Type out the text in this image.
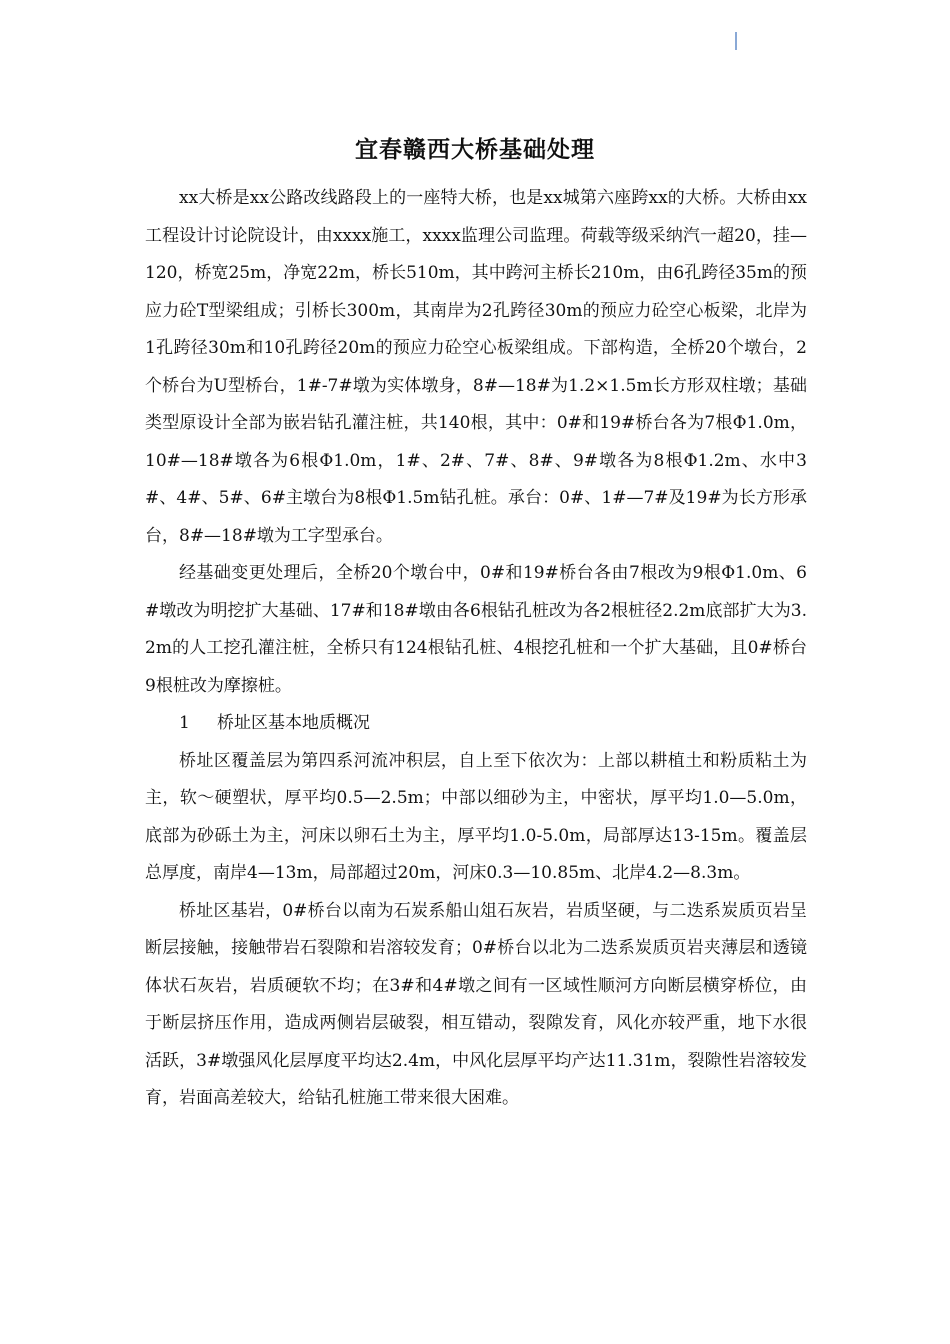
宜春赣西大桥基础处理

xx大桥是xx公路改线路段上的一座特大桥，也是xx城第六座跨xx的大桥。大桥由xx工程设计讨论院设计，由xxxx施工，xxxx监理公司监理。荷载等级采纳汽一超20，挂—120，桥宽25m，净宽22m，桥长510m，其中跨河主桥长210m，由6孔跨径35m的预应力砼T型梁组成；引桥长300m，其南岸为2孔跨径30m的预应力砼空心板梁，北岸为1孔跨径30m和10孔跨径20m的预应力砼空心板梁组成。下部构造，全桥20个墩台，2个桥台为U型桥台，1#-7#墩为实体墩身，8#—18#为1.2×1.5m长方形双柱墩；基础类型原设计全部为嵌岩钻孔灌注桩，共140根，其中：0#和19#桥台各为7根Φ1.0m，10#—18#墩各为6根Φ1.0m，1#、2#、7#、8#、9#墩各为8根Φ1.2m、水中3#、4#、5#、6#主墩台为8根Φ1.5m钻孔桩。承台：0#、1#—7#及19#为长方形承台，8#—18#墩为工字型承台。

经基础变更处理后，全桥20个墩台中，0#和19#桥台各由7根改为9根Φ1.0m、6#墩改为明挖扩大基础、17#和18#墩由各6根钻孔桩改为各2根桩径2.2m底部扩大为3.2m的人工挖孔灌注桩，全桥只有124根钻孔桩、4根挖孔桩和一个扩大基础，且0#桥台9根桩改为摩擦桩。

1 桥址区基本地质概况

桥址区覆盖层为第四系河流冲积层，自上至下依次为：上部以耕植土和粉质粘土为主，软～硬塑状，厚平均0.5—2.5m；中部以细砂为主，中密状，厚平均1.0—5.0m，底部为砂砾土为主，河床以卵石土为主，厚平均1.0-5.0m，局部厚达13-15m。覆盖层总厚度，南岸4—13m，局部超过20m，河床0.3—10.85m、北岸4.2—8.3m。

桥址区基岩，0#桥台以南为石炭系船山俎石灰岩，岩质坚硬，与二迭系炭质页岩呈断层接触，接触带岩石裂隙和岩溶较发育；0#桥台以北为二迭系炭质页岩夹薄层和透镜体状石灰岩，岩质硬软不均；在3#和4#墩之间有一区域性顺河方向断层横穿桥位，由于断层挤压作用，造成两侧岩层破裂，相互错动，裂隙发育，风化亦较严重，地下水很活跃，3#墩强风化层厚度平均达2.4m，中风化层厚平均产达11.31m，裂隙性岩溶较发育，岩面高差较大，给钻孔桩施工带来很大困难。
